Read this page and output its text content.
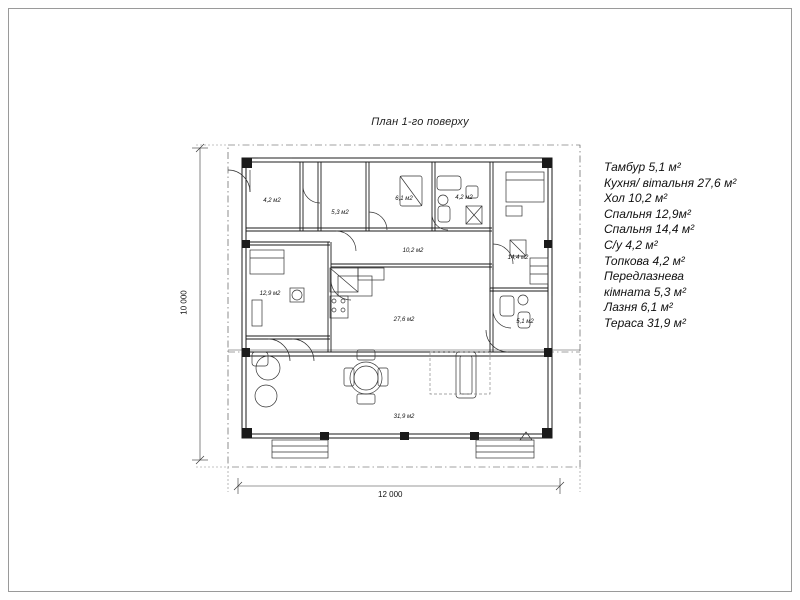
План 1-го поверху
Тамбур 5,1 м²
Кухня/ вітальня 27,6 м²
Хол 10,2 м²
Спальня 12,9м²
Спальня 14,4 м²
С/у 4,2 м²
Топкова 4,2 м²
Передлазнева
кімната 5,3 м²
Лазня 6,1 м²
Тераса 31,9 м²
4,2 м2
5,3 м2
6,1 м2	4,2 м2
10,2 м2
14,4 м2
12,9 м2
27,6 м2	5,1 м2
31,9 м2
12 000
10 000
